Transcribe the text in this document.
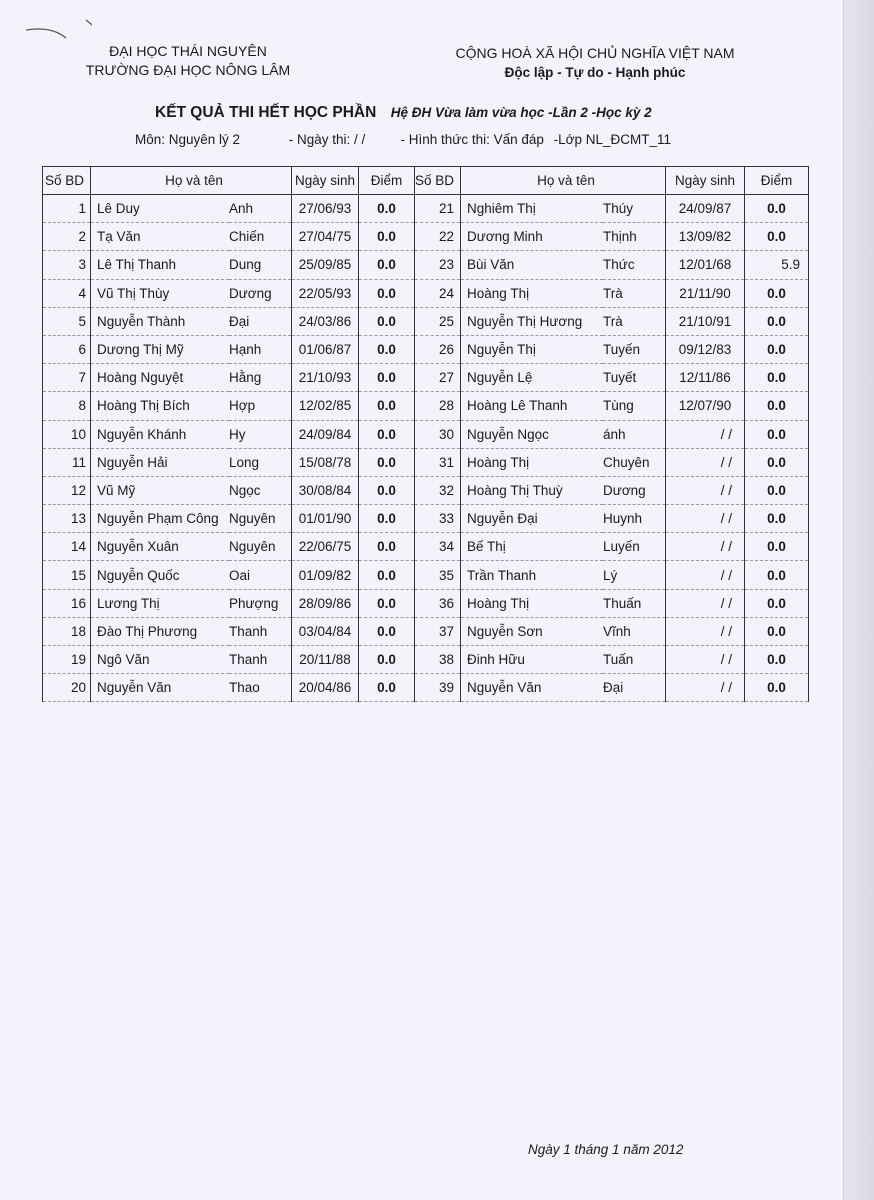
ĐẠI HỌC THÁI NGUYÊN
TRƯỜNG ĐẠI HỌC NÔNG LÂM
CỘNG HOÀ XÃ HỘI CHỦ NGHĨA VIỆT NAM
Độc lập - Tự do - Hạnh phúc
KẾT QUẢ THI HẾT HỌC PHẦN Hệ ĐH Vừa làm vừa học -Lần 2 -Học kỳ 2
Môn: Nguyên lý 2	- Ngày thi: / /	- Hình thức thi: Vấn đáp -Lớp NL_ĐCMT_11
Số BD	Họ và tên		Ngày sinh	Điểm	Số BD	Họ và tên		Ngày sinh	Điểm
1	Lê Duy	Anh	27/06/93	0.0	21	Nghiêm Thị	Thúy	24/09/87	0.0
2	Tạ Văn	Chiến	27/04/75	0.0	22	Dương Minh	Thịnh	13/09/82	0.0
3	Lê Thị Thanh	Dung	25/09/85	0.0	23	Bùi Văn	Thức	12/01/68	5.9
4	Vũ Thị Thùy	Dương	22/05/93	0.0	24	Hoàng Thị	Trà	21/11/90	0.0
5	Nguyễn Thành	Đại	24/03/86	0.0	25	Nguyễn Thị Hương	Trà	21/10/91	0.0
6	Dương Thị Mỹ	Hạnh	01/06/87	0.0	26	Nguyễn Thị	Tuyến	09/12/83	0.0
7	Hoàng Nguyệt	Hằng	21/10/93	0.0	27	Nguyễn Lệ	Tuyết	12/11/86	0.0
8	Hoàng Thị Bích	Hợp	12/02/85	0.0	28	Hoàng Lê Thanh	Tùng	12/07/90	0.0
10	Nguyễn Khánh	Hy	24/09/84	0.0	30	Nguyễn Ngọc	ánh	/ /	0.0
11	Nguyễn Hải	Long	15/08/78	0.0	31	Hoàng Thị	Chuyên	/ /	0.0
12	Vũ Mỹ	Ngọc	30/08/84	0.0	32	Hoàng Thị Thuỳ	Dương	/ /	0.0
13	Nguyễn Phạm Công	Nguyên	01/01/90	0.0	33	Nguyễn Đại	Huynh	/ /	0.0
14	Nguyễn Xuân	Nguyên	22/06/75	0.0	34	Bế Thị	Luyến	/ /	0.0
15	Nguyễn Quốc	Oai	01/09/82	0.0	35	Trần Thanh	Lý	/ /	0.0
16	Lương Thị	Phượng	28/09/86	0.0	36	Hoàng Thị	Thuấn	/ /	0.0
18	Đào Thị Phương	Thanh	03/04/84	0.0	37	Nguyễn Sơn	Vĩnh	/ /	0.0
19	Ngô Văn	Thanh	20/11/88	0.0	38	Đinh Hữu	Tuấn	/ /	0.0
20	Nguyễn Văn	Thao	20/04/86	0.0	39	Nguyễn Văn	Đại	/ /	0.0
Ngày 1 tháng 1 năm 2012
